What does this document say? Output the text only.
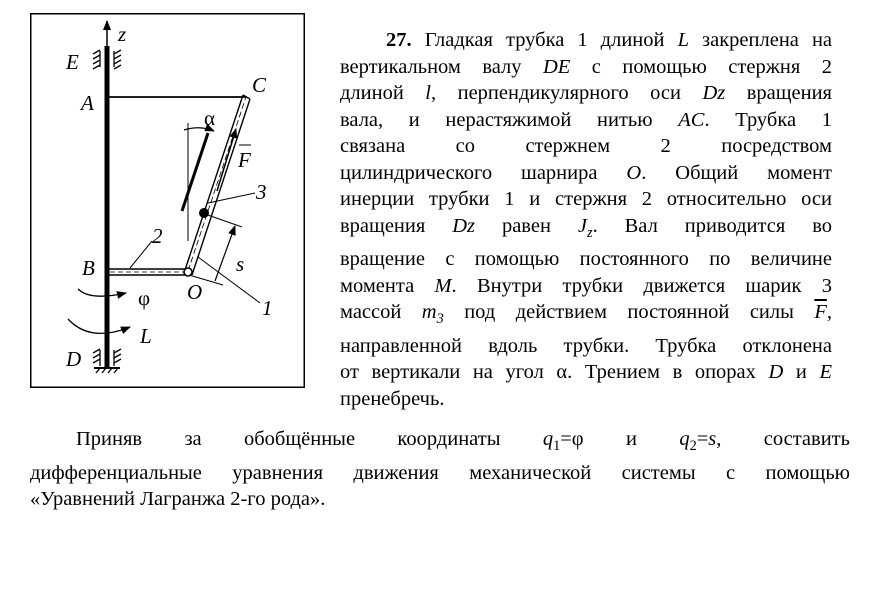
z
E
A
C
α
F
3
2
B	s
O
1
φ
L
D
27. Гладкая трубка 1 длиной L закреплена на
вертикальном валу DE с помощью стержня 2
длиной l, перпендикулярного оси Dz вращения
вала, и нерастяжимой нитью AC. Трубка 1
связана со стержнем 2 посредством
цилиндрического шарнира O. Общий момент
инерции трубки 1 и стержня 2 относительно оси
вращения Dz равен $J_z$. Вал приводится во
вращение с помощью постоянного по величине
момента M. Внутри трубки движется шарик 3
массой $m_3$ под действием постоянной силы $\overline{F}$,
направленной вдоль трубки. Трубка отклонена
от вертикали на угол α. Трением в опорах D и E
пренебречь.
Приняв за обобщённые координаты $q_1=\varphi$ и $q_2=s$, составить
дифференциальные уравнения движения механической системы с помощью
«Уравнений Лагранжа 2-го рода».
